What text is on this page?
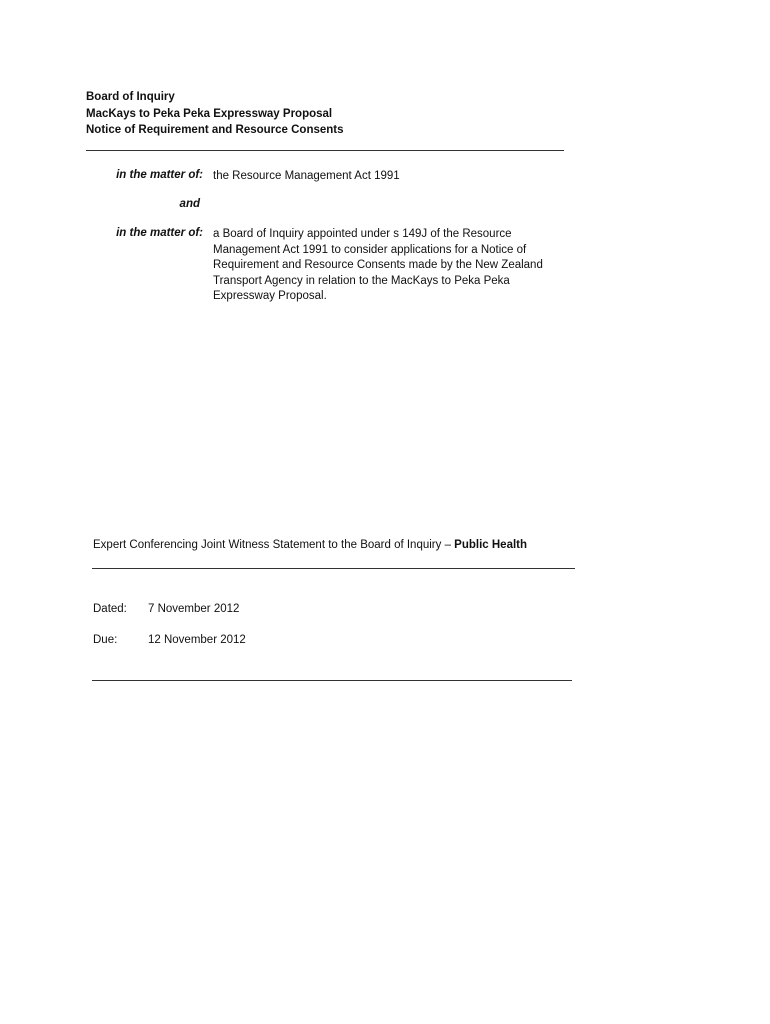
Board of Inquiry
MacKays to Peka Peka Expressway Proposal
Notice of Requirement and Resource Consents
in the matter of: the Resource Management Act 1991
and
in the matter of: a Board of Inquiry appointed under s 149J of the Resource Management Act 1991 to consider applications for a Notice of Requirement and Resource Consents made by the New Zealand Transport Agency in relation to the MacKays to Peka Peka Expressway Proposal.
Expert Conferencing Joint Witness Statement to the Board of Inquiry – Public Health
Dated: 7 November 2012
Due:	12 November 2012
